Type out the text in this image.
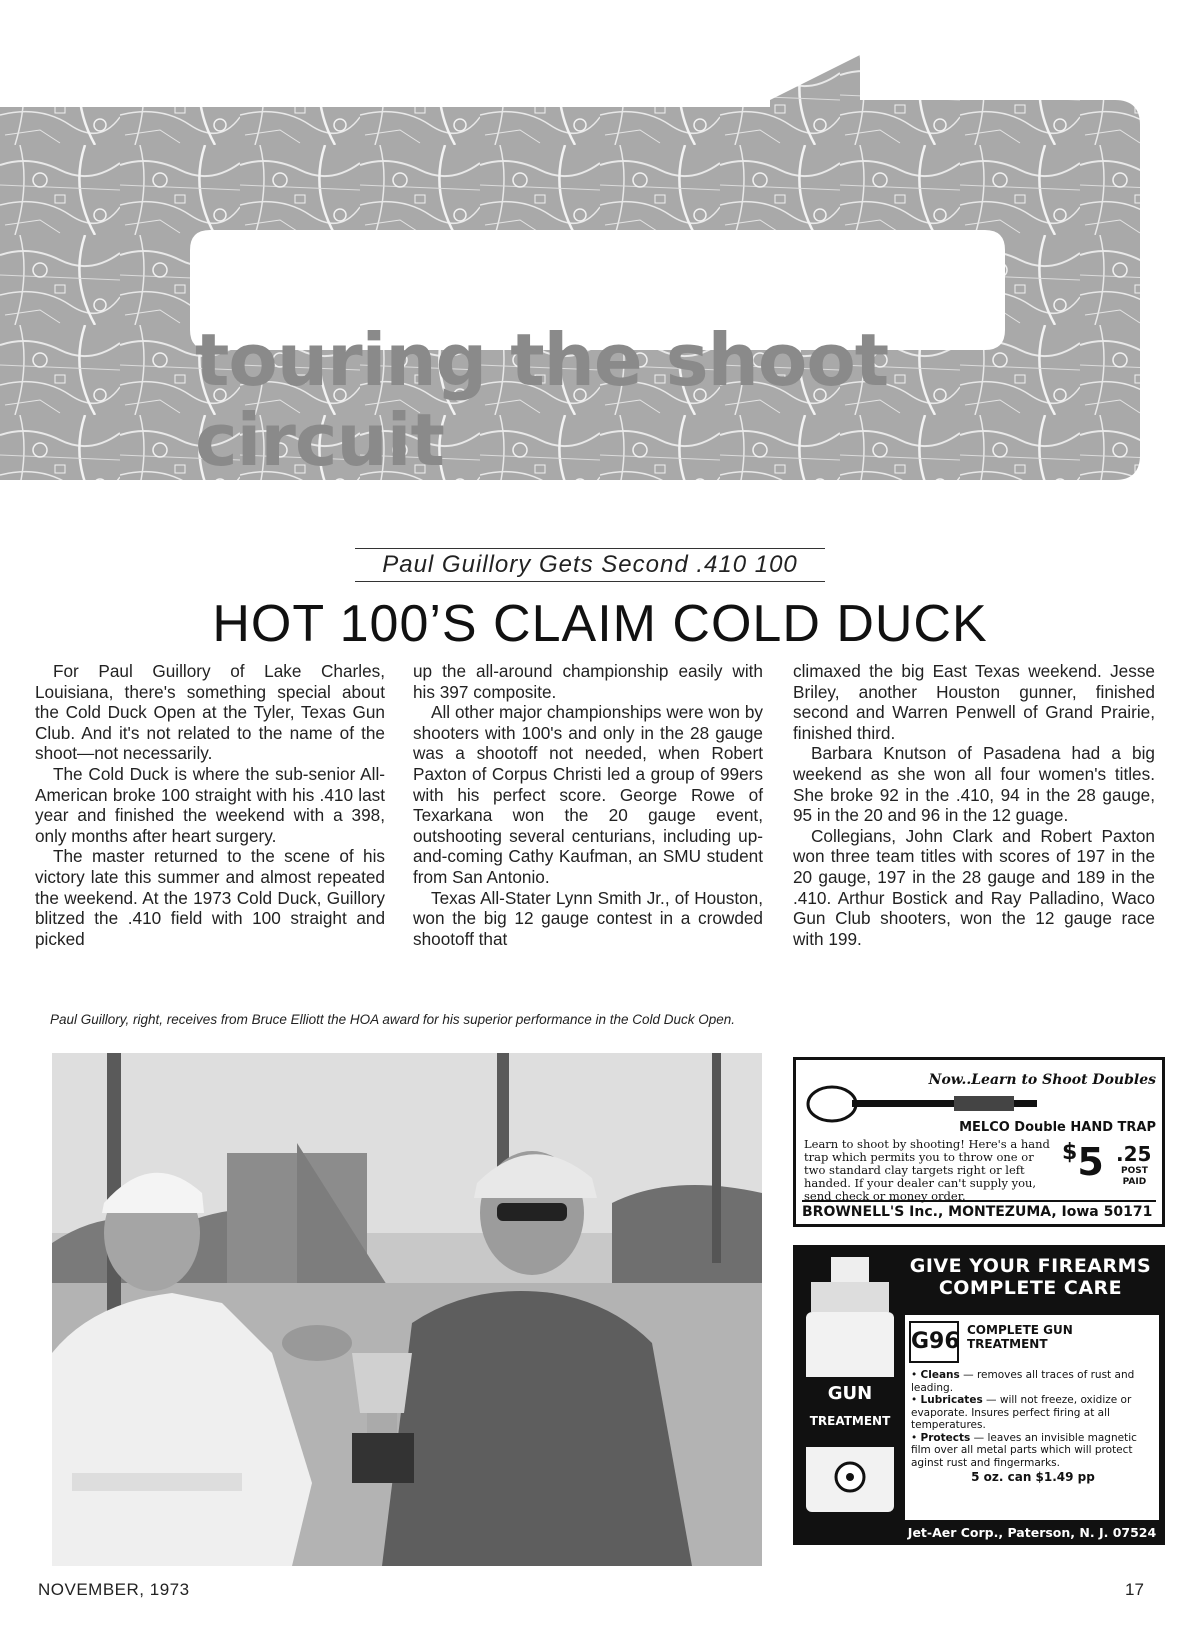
touring the shoot circuit
Paul Guillory Gets Second .410 100
HOT 100’S CLAIM COLD DUCK

For Paul Guillory of Lake Charles, Louisiana, there's something special about the Cold Duck Open at the Tyler, Texas Gun Club. And it's not related to the name of the shoot—not necessarily.

The Cold Duck is where the sub-senior All-American broke 100 straight with his .410 last year and finished the weekend with a 398, only months after heart surgery.

The master returned to the scene of his victory late this summer and almost repeated the weekend. At the 1973 Cold Duck, Guillory blitzed the .410 field with 100 straight and picked

up the all-around championship easily with his 397 composite.

All other major championships were won by shooters with 100's and only in the 28 gauge was a shootoff not needed, when Robert Paxton of Corpus Christi led a group of 99ers with his perfect score. George Rowe of Texarkana won the 20 gauge event, outshooting several centurians, including up-and-coming Cathy Kaufman, an SMU student from San Antonio.

Texas All-Stater Lynn Smith Jr., of Houston, won the big 12 gauge contest in a crowded shootoff that

climaxed the big East Texas weekend. Jesse Briley, another Houston gunner, finished second and Warren Penwell of Grand Prairie, finished third.

Barbara Knutson of Pasadena had a big weekend as she won all four women's titles. She broke 92 in the .410, 94 in the 28 gauge, 95 in the 20 and 96 in the 12 guage.

Collegians, John Clark and Robert Paxton won three team titles with scores of 197 in the 20 gauge, 197 in the 28 gauge and 189 in the .410. Arthur Bostick and Ray Palladino, Waco Gun Club shooters, won the 12 gauge race with 199.

Paul Guillory, right, receives from Bruce Elliott the HOA award for his superior performance in the Cold Duck Open.
Now..Learn to Shoot Doubles
MELCO Double HAND TRAP
Learn to shoot by shooting! Here's a hand trap which permits you to throw one or two standard clay targets right or left handed. If your dealer can't supply you, send check or money order.
$5 .25
POST
PAID
BROWNELL'S Inc., MONTEZUMA, Iowa 50171
GUN
TREATMENT
GIVE YOUR FIREARMS
COMPLETE CARE
G96 COMPLETE GUN
TREATMENT
• Cleans — removes all traces of rust and leading.
• Lubricates — will not freeze, oxidize or evaporate. Insures perfect firing at all temperatures.
• Protects — leaves an invisible magnetic film over all metal parts which will protect aginst rust and fingermarks.
5 oz. can $1.49 pp
Jet-Aer Corp., Paterson, N. J. 07524
NOVEMBER, 1973	17
